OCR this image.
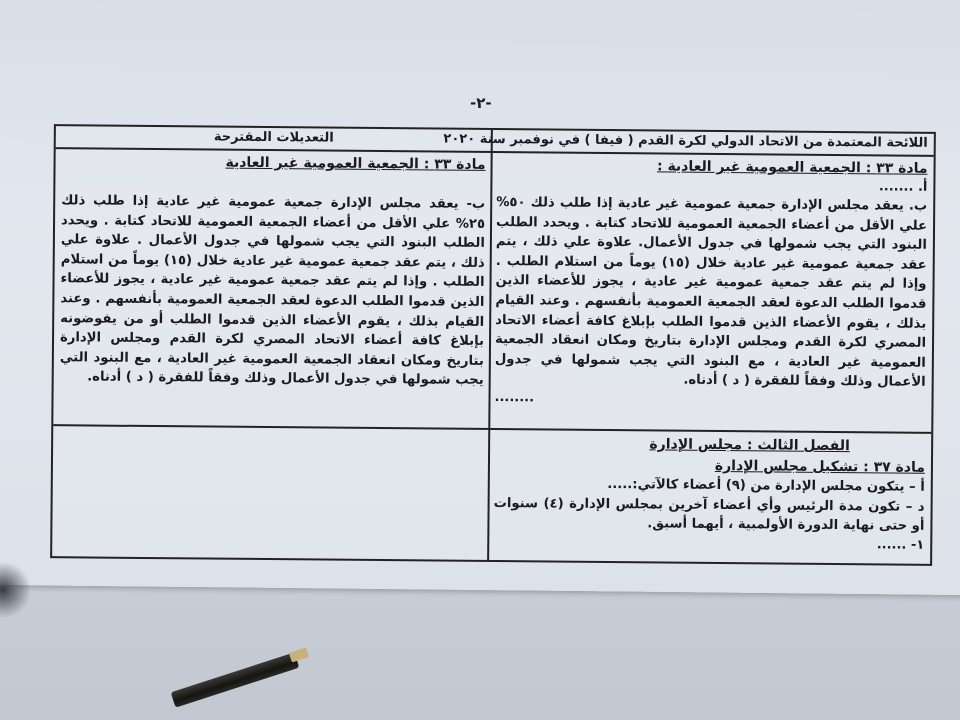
-٢-
اللائحة المعتمدة من الاتحاد الدولي لكرة القدم ( فيفا ) في نوفمبر سنة ٢٠٢٠
التعديلات المقترحة
مادة ٣٣ : الجمعية العمومية غير العادية :
أ. .......

ب. يعقد مجلس الإدارة جمعية عمومية غير عادية إذا طلب ذلك ٥٠% علي الأقل من أعضاء الجمعية العمومية للاتحاد كتابة . ويحدد الطلب البنود التي يجب شمولها في جدول الأعمال. علاوة علي ذلك ، يتم عقد جمعية عمومية غير عادية خلال (١٥) يوماً من استلام الطلب . وإذا لم يتم عقد جمعية عمومية غير عادية ، يجوز للأعضاء الذين قدموا الطلب الدعوة لعقد الجمعية العمومية بأنفسهم . وعند القيام بذلك ، يقوم الأعضاء الذين قدموا الطلب بإبلاغ كافة أعضاء الاتحاد المصري لكرة القدم ومجلس الإدارة بتاريخ ومكان انعقاد الجمعية العمومية غير العادية ، مع البنود التي يجب شمولها في جدول الأعمال وذلك وفقاً للفقرة ( د ) أدناه.

........
مادة ٣٣ : الجمعية العمومية غير العادية

ب- يعقد مجلس الإدارة جمعية عمومية غير عادية إذا طلب ذلك ٢٥% علي الأقل من أعضاء الجمعية العمومية للاتحاد كتابة . ويحدد الطلب البنود التي يجب شمولها في جدول الأعمال . علاوة علي ذلك ، يتم عقد جمعية عمومية غير عادية خلال (١٥) يوماً من استلام الطلب . وإذا لم يتم عقد جمعية عمومية غير عادية ، يجوز للأعضاء الذين قدموا الطلب الدعوة لعقد الجمعية العمومية بأنفسهم . وعند القيام بذلك ، يقوم الأعضاء الذين قدموا الطلب أو من يفوضونه بإبلاغ كافة أعضاء الاتحاد المصري لكرة القدم ومجلس الإدارة بتاريخ ومكان انعقاد الجمعية العمومية غير العادية ، مع البنود التي يجب شمولها في جدول الأعمال وذلك وفقاً للفقرة ( د ) أدناه.

الفصل الثالث : مجلس الإدارة
مادة ٣٧ : تشكيل مجلس الإدارة
أ – يتكون مجلس الإدارة من (٩) أعضاء كالآتي:.....

د – تكون مدة الرئيس وأي أعضاء آخرين بمجلس الإدارة (٤) سنوات أو حتى نهاية الدورة الأولمبية ، أيهما أسبق.

١- ......
